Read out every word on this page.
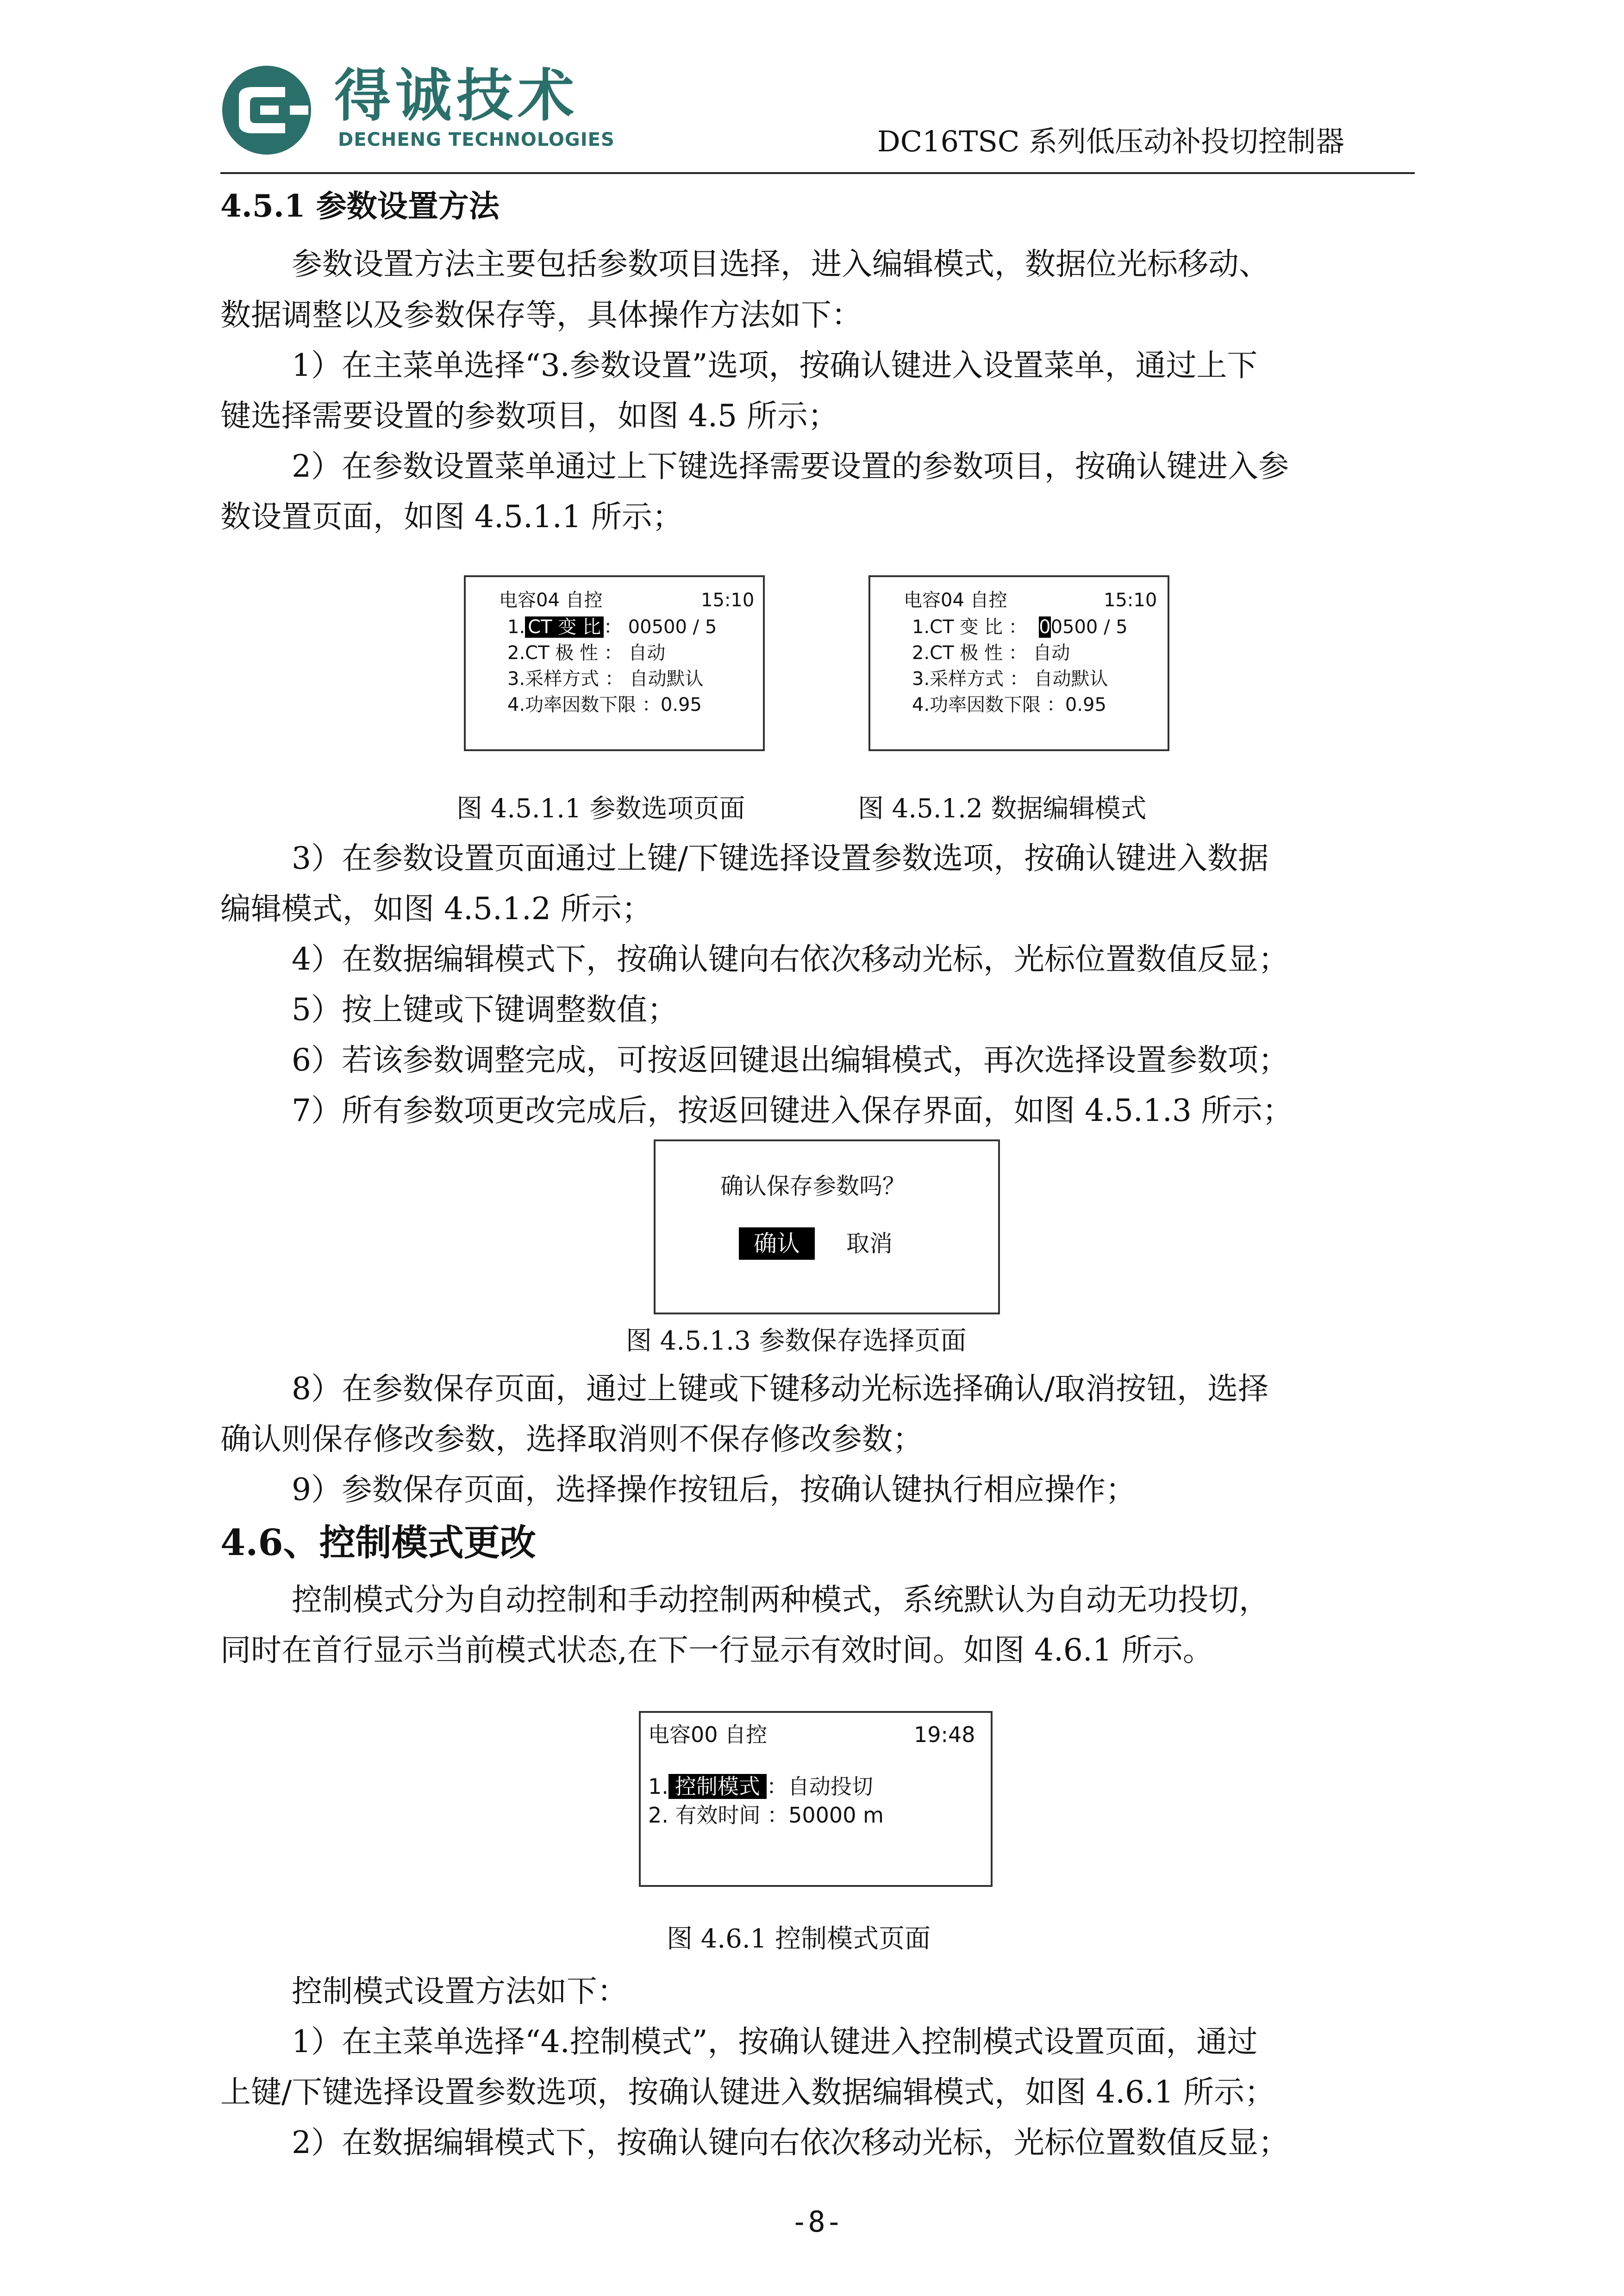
得诚技术
DECHENG TECHNOLOGIES	DC16TSC 系列低压动补投切控制器
4.5.1 参数设置方法
参数设置方法主要包括参数项目选择，进入编辑模式，数据位光标移动、
数据调整以及参数保存等，具体操作方法如下：
1）在主菜单选择“3.参数设置”选项，按确认键进入设置菜单，通过上下
键选择需要设置的参数项目，如图 4.5 所示；
2）在参数设置菜单通过上下键选择需要设置的参数项目，按确认键进入参
数设置页面，如图 4.5.1.1 所示；
电容04 自控	15:10
1. CT 变 比 ： 00500 / 5
2.CT 极 性 ： 自动
3.采样方式 ： 自动默认
4.功率因数下限 ：0.95
电容04 自控	15:10
1.CT 变 比 ： 00500 / 5
2.CT 极 性 ： 自动
3.采样方式 ： 自动默认
4.功率因数下限 ：0.95
图 4.5.1.1 参数选项页面	图 4.5.1.2 数据编辑模式
3）在参数设置页面通过上键/下键选择设置参数选项，按确认键进入数据
编辑模式，如图 4.5.1.2 所示；
4）在数据编辑模式下，按确认键向右依次移动光标，光标位置数值反显；
5）按上键或下键调整数值；
6）若该参数调整完成，可按返回键退出编辑模式，再次选择设置参数项；
7）所有参数项更改完成后，按返回键进入保存界面，如图 4.5.1.3 所示；
确认保存参数吗？
确认	取消
图 4.5.1.3 参数保存选择页面
8）在参数保存页面，通过上键或下键移动光标选择确认/取消按钮，选择
确认则保存修改参数，选择取消则不保存修改参数；
9）参数保存页面，选择操作按钮后，按确认键执行相应操作；
4.6、控制模式更改
控制模式分为自动控制和手动控制两种模式，系统默认为自动无功投切，
同时在首行显示当前模式状态,在下一行显示有效时间。如图 4.6.1 所示。
电容00 自控	19:48
1. 控制模式 ：自动投切
2. 有效时间 ：50000 m
图 4.6.1 控制模式页面
控制模式设置方法如下：
1）在主菜单选择“4.控制模式”，按确认键进入控制模式设置页面，通过
上键/下键选择设置参数选项，按确认键进入数据编辑模式，如图 4.6.1 所示；
2）在数据编辑模式下，按确认键向右依次移动光标，光标位置数值反显；
-8-
